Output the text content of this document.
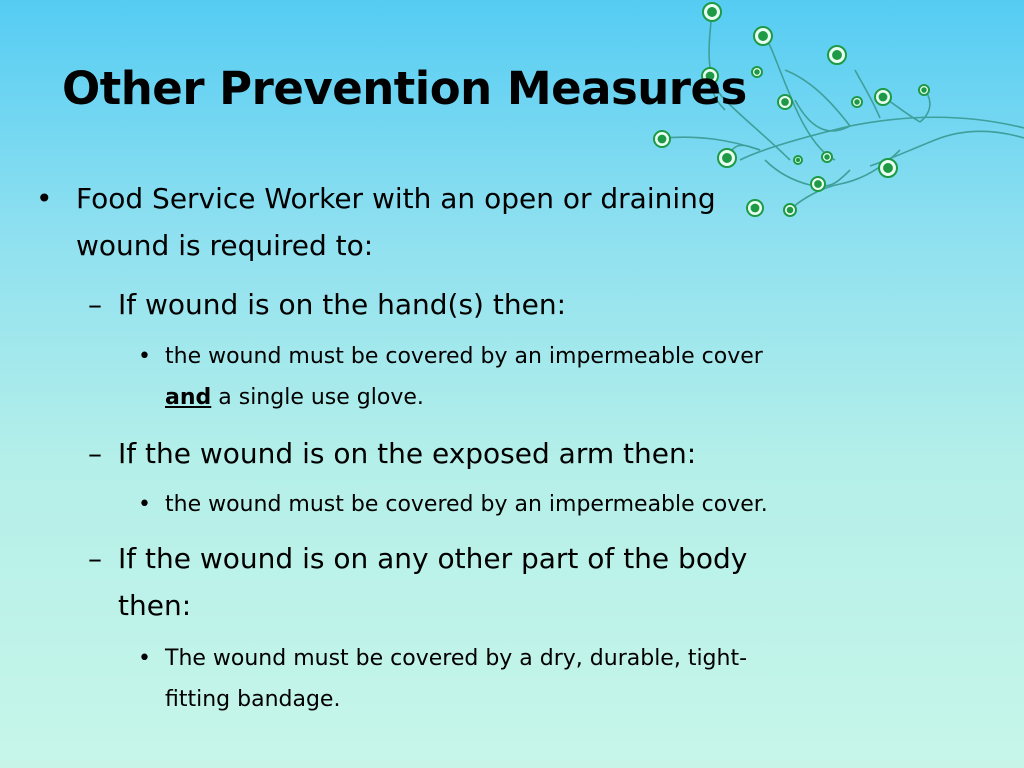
Other Prevention Measures
• Food Service Worker with an open or draining

wound is required to:

– If wound is on the hand(s) then:

• the wound must be covered by an impermeable cover

and a single use glove.

– If the wound is on the exposed arm then:

• the wound must be covered by an impermeable cover.

– If the wound is on any other part of the body

then:

• The wound must be covered by a dry, durable, tight-

fitting bandage.
